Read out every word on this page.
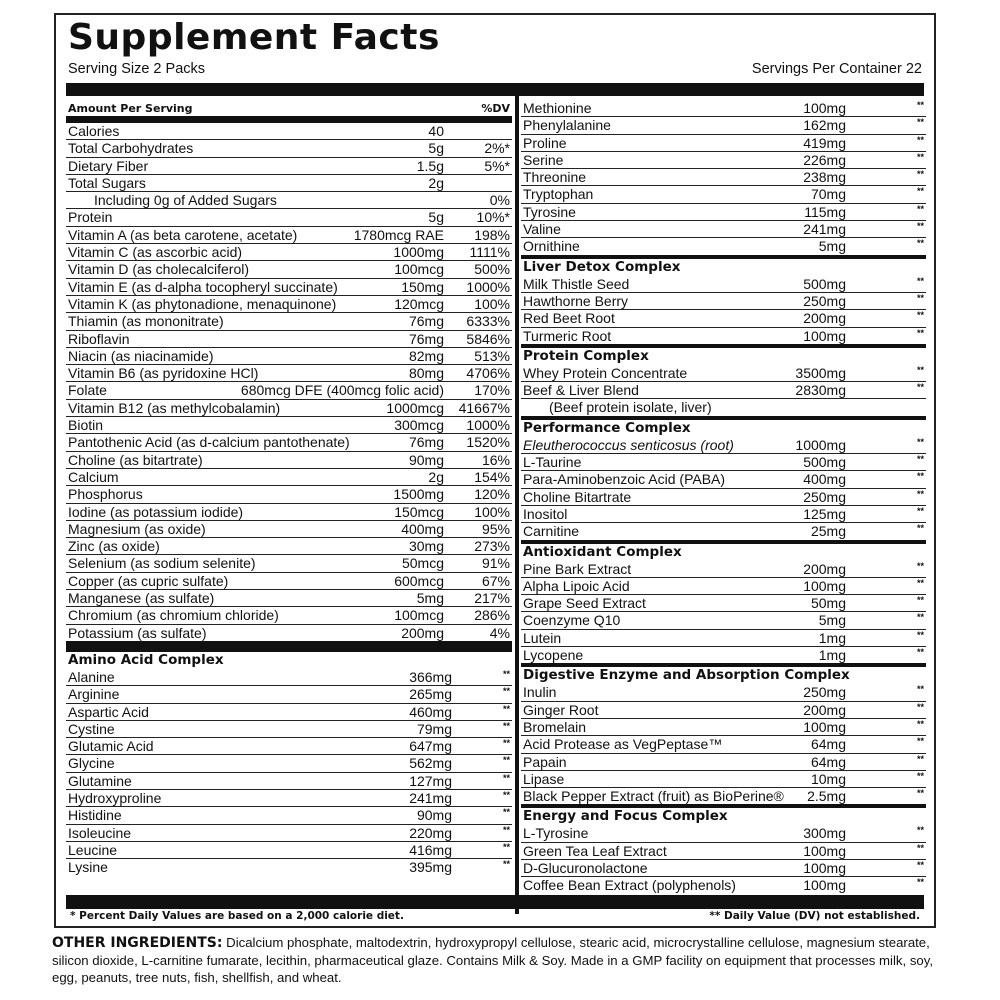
Supplement Facts
Serving Size 2 Packs	Servings Per Container 22
Amount Per Serving	%DV
Calories	40
Total Carbohydrates	5g	2%*
Dietary Fiber	1.5g	5%*
Total Sugars	2g
Including 0g of Added Sugars	0%
Protein	5g 10%*
Vitamin A (as beta carotene, acetate)	1780mcg RAE 198%
Vitamin C (as ascorbic acid)	1000mg 1111%
Vitamin D (as cholecalciferol)	100mcg 500%
Vitamin E (as d-alpha tocopheryl succinate)	150mg 1000%
Vitamin K (as phytonadione, menaquinone)	120mcg 100%
Thiamin (as mononitrate)	76mg 6333%
Riboflavin	76mg 5846%
Niacin (as niacinamide)	82mg 513%
Vitamin B6 (as pyridoxine HCl)	80mg 4706%
Folate	680mcg DFE (400mcg folic acid) 170%
Vitamin B12 (as methylcobalamin)	1000mcg 41667%
Biotin	300mcg 1000%
Pantothenic Acid (as d-calcium pantothenate)	76mg 1520%
Choline (as bitartrate)	90mg	16%
Calcium	2g 154%
Phosphorus	1500mg 120%
Iodine (as potassium iodide)	150mcg 100%
Magnesium (as oxide)	400mg	95%
Zinc (as oxide)	30mg 273%
Selenium (as sodium selenite)	50mcg	91%
Copper (as cupric sulfate)	600mcg	67%
Manganese (as sulfate)	5mg 217%
Chromium (as chromium chloride)	100mcg 286%
Potassium (as sulfate)	200mg	4%
Amino Acid Complex
Alanine	366mg	**
Arginine	265mg	**
Aspartic Acid	460mg	**
Cystine	79mg	**
Glutamic Acid	647mg	**
Glycine	562mg	**
Glutamine	127mg	**
Hydroxyproline	241mg	**
Histidine	90mg	**
Isoleucine	220mg	**
Leucine	416mg	**
Lysine	395mg	**
Methionine	100mg	**
Phenylalanine	162mg	**
Proline	419mg	**
Serine	226mg	**
Threonine	238mg	**
Tryptophan	70mg	**
Tyrosine	115mg	**
Valine	241mg	**
Ornithine	5mg	**
Liver Detox Complex
Milk Thistle Seed	500mg	**
Hawthorne Berry	250mg	**
Red Beet Root	200mg	**
Turmeric Root	100mg	**
Protein Complex
Whey Protein Concentrate	3500mg	**
Beef & Liver Blend	2830mg	**
(Beef protein isolate, liver)
Performance Complex
Eleutherococcus senticosus (root)	1000mg	**
L-Taurine	500mg	**
Para-Aminobenzoic Acid (PABA)	400mg	**
Choline Bitartrate	250mg	**
Inositol	125mg	**
Carnitine	25mg	**
Antioxidant Complex
Pine Bark Extract	200mg	**
Alpha Lipoic Acid	100mg	**
Grape Seed Extract	50mg	**
Coenzyme Q10	5mg	**
Lutein	1mg	**
Lycopene	1mg	**
Digestive Enzyme and Absorption Complex
Inulin	250mg	**
Ginger Root	200mg	**
Bromelain	100mg	**
Acid Protease as VegPeptase™	64mg	**
Papain	64mg	**
Lipase	10mg	**
Black Pepper Extract (fruit) as BioPerine® 2.5mg	**
Energy and Focus Complex
L-Tyrosine	300mg	**
Green Tea Leaf Extract	100mg	**
D-Glucuronolactone	100mg	**
Coffee Bean Extract (polyphenols)	100mg	**
* Percent Daily Values are based on a 2,000 calorie diet.	** Daily Value (DV) not established.
OTHER INGREDIENTS: Dicalcium phosphate, maltodextrin, hydroxypropyl cellulose, stearic acid, microcrystalline cellulose, magnesium stearate, silicon dioxide, L-carnitine fumarate, lecithin, pharmaceutical glaze. Contains Milk & Soy. Made in a GMP facility on equipment that processes milk, soy, egg, peanuts, tree nuts, fish, shellfish, and wheat.
